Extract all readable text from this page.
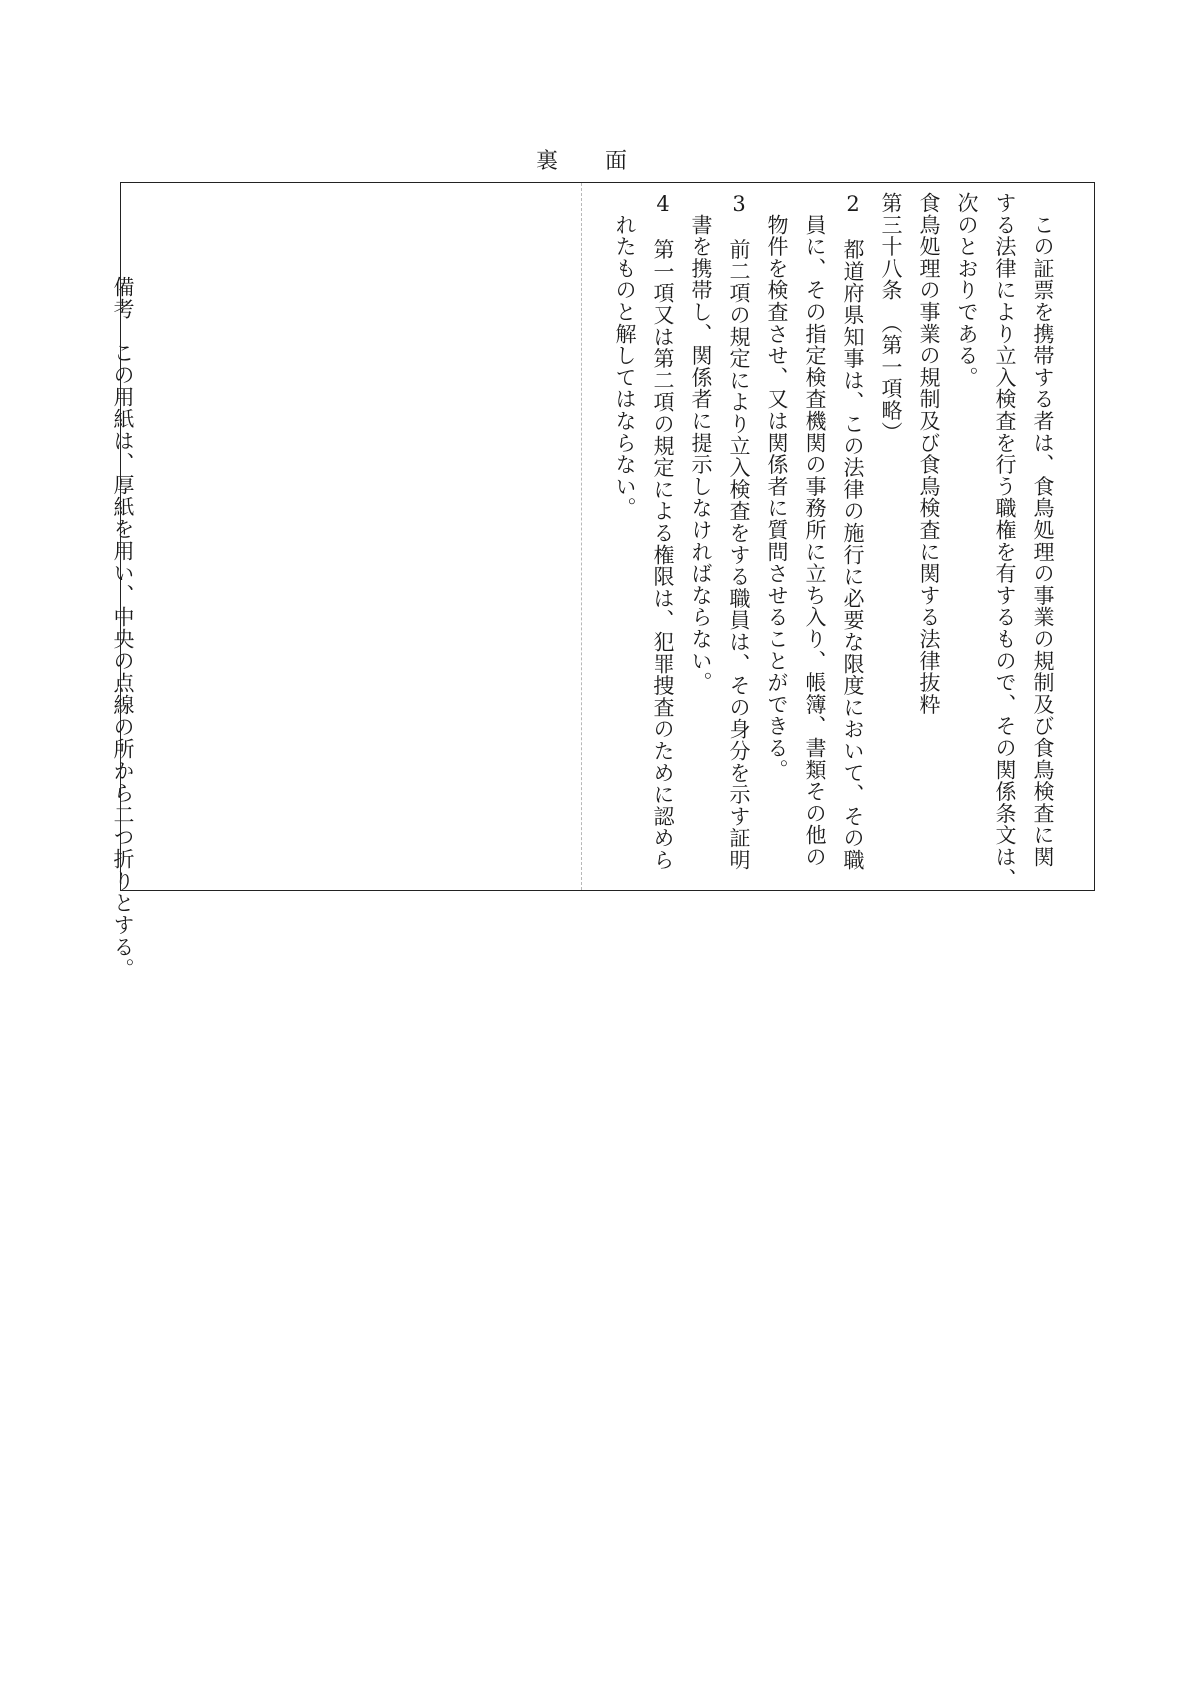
裏　　面

備考　この用紙は、厚紙を用い、中央の点線の所から二つ折りとする。
	　この証票を携帯する者は、食鳥処理の事業の規制及び食鳥検査に関

する法律により立入検査を行う職権を有するもので、その関係条文は、

次のとおりである。

食鳥処理の事業の規制及び食鳥検査に関する法律抜粋

第三十八条　（第一項略）

2　都道府県知事は、この法律の施行に必要な限度において、その職

　員に、その指定検査機関の事務所に立ち入り、帳簿、書類その他の

　物件を検査させ、又は関係者に質問させることができる。

3　前二項の規定により立入検査をする職員は、その身分を示す証明

　書を携帯し、関係者に提示しなければならない。

4　第一項又は第二項の規定による権限は、犯罪捜査のために認めら

　れたものと解してはならない。
